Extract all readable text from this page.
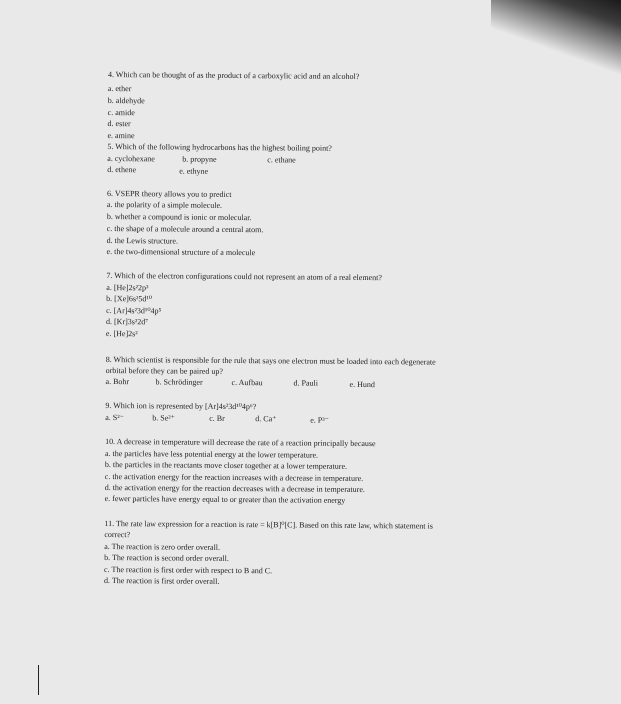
4. Which can be thought of as the product of a carboxylic acid and an alcohol?
a. ether
b. aldehyde
c. amide
d. ester
e. amine
5. Which of the following hydrocarbons has the highest boiling point?
a. cyclohexane	b. propyne	c. ethane
d. ethene	e. ethyne
6. VSEPR theory allows you to predict
a. the polarity of a simple molecule.
b. whether a compound is ionic or molecular.
c. the shape of a molecule around a central atom.
d. the Lewis structure.
e. the two-dimensional structure of a molecule
7. Which of the electron configurations could not represent an atom of a real element?
a. [He]2s²2p³
b. [Xe]6s²5d¹⁰
c. [Ar]4s²3d¹⁰4p⁵
d. [Kr]3s²2d⁷
e. [He]2s²
8. Which scientist is responsible for the rule that says one electron must be loaded into each degenerate
orbital before they can be paired up?
a. Bohr	b. Schrödinger	c. Aufbau	d. Pauli	e. Hund
9. Which ion is represented by [Ar]4s²3d¹⁰4p⁶?
a. S²⁻	b. Se²⁺	c. Br	d. Ca⁺	e. P³⁻
10. A decrease in temperature will decrease the rate of a reaction principally because
a. the particles have less potential energy at the lower temperature.
b. the particles in the reactants move closer together at a lower temperature.
c. the activation energy for the reaction increases with a decrease in temperature.
d. the activation energy for the reaction decreases with a decrease in temperature.
e. fewer particles have energy equal to or greater than the activation energy
11. The rate law expression for a reaction is rate = k[B]⁰[C]. Based on this rate law, which statement is
correct?
a. The reaction is zero order overall.
b. The reaction is second order overall.
c. The reaction is first order with respect to B and C.
d. The reaction is first order overall.
